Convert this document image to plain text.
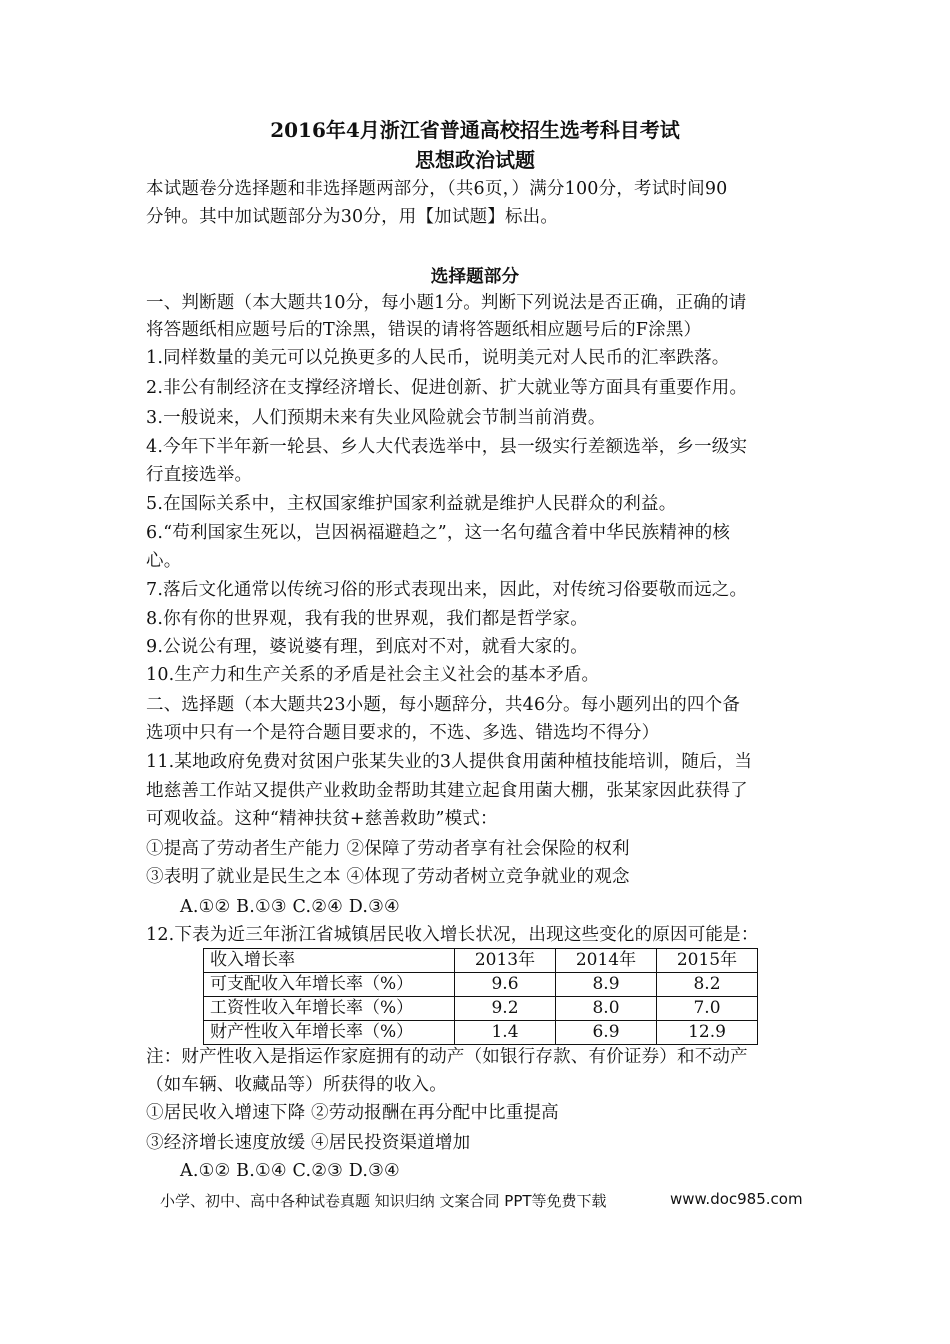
2016年4月浙江省普通高校招生选考科目考试
思想政治试题
本试题卷分选择题和非选择题两部分，（共6页，）满分100分，考试时间90
分钟。其中加试题部分为30分，用【加试题】标出。
选择题部分
一、判断题（本大题共10分，每小题1分。判断下列说法是否正确，正确的请
将答题纸相应题号后的T涂黑，错误的请将答题纸相应题号后的F涂黑）
1.同样数量的美元可以兑换更多的人民币，说明美元对人民币的汇率跌落。
2.非公有制经济在支撑经济增长、促进创新、扩大就业等方面具有重要作用。
3.一般说来，人们预期未来有失业风险就会节制当前消费。
4.今年下半年新一轮县、乡人大代表选举中，县一级实行差额选举，乡一级实
行直接选举。
5.在国际关系中，主权国家维护国家利益就是维护人民群众的利益。
6.“苟利国家生死以，岂因祸福避趋之”，这一名句蕴含着中华民族精神的核
心。
7.落后文化通常以传统习俗的形式表现出来，因此，对传统习俗要敬而远之。
8.你有你的世界观，我有我的世界观，我们都是哲学家。
9.公说公有理，婆说婆有理，到底对不对，就看大家的。
10.生产力和生产关系的矛盾是社会主义社会的基本矛盾。
二、选择题（本大题共23小题，每小题辞分，共46分。每小题列出的四个备
选项中只有一个是符合题目要求的，不选、多选、错选均不得分）
11.某地政府免费对贫困户张某失业的3人提供食用菌种植技能培训，随后，当
地慈善工作站又提供产业救助金帮助其建立起食用菌大棚，张某家因此获得了
可观收益。这种“精神扶贫+慈善救助”模式：
①提高了劳动者生产能力 ②保障了劳动者享有社会保险的权利
③表明了就业是民生之本 ④体现了劳动者树立竞争就业的观念
A.①② B.①③ C.②④ D.③④
12.下表为近三年浙江省城镇居民收入增长状况，出现这些变化的原因可能是：
收入增长率	2013年	2014年	2015年
可支配收入年增长率（%）	9.6	8.9	8.2
工资性收入年增长率（%）	9.2	8.0	7.0
财产性收入年增长率（%）	1.4	6.9	12.9
注：财产性收入是指运作家庭拥有的动产（如银行存款、有价证券）和不动产
（如车辆、收藏品等）所获得的收入。
①居民收入增速下降 ②劳动报酬在再分配中比重提高
③经济增长速度放缓 ④居民投资渠道增加
A.①② B.①④ C.②③ D.③④
小学、初中、高中各种试卷真题 知识归纳 文案合同 PPT等免费下载	www.doc985.com
